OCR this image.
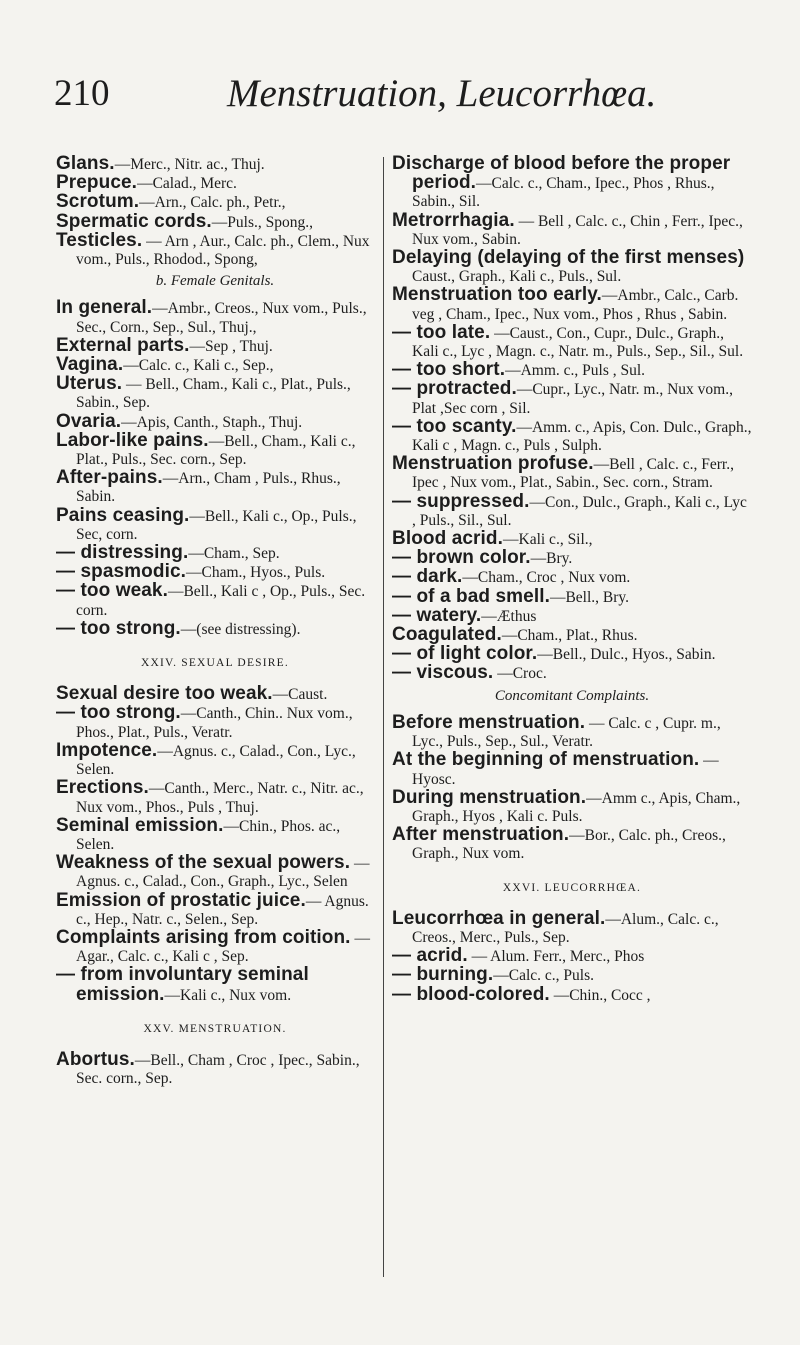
210	Menstruation, Leucorrhœa.

Glans.—Merc., Nitr. ac., Thuj.

Prepuce.—Calad., Merc.

Scrotum.—Arn., Calc. ph., Petr.,

Spermatic cords.—Puls., Spong.,

Testicles. — Arn , Aur., Calc. ph., Clem., Nux vom., Puls., Rhodod., Spong,

b. Female Genitals.

In general.—Ambr., Creos., Nux vom., Puls., Sec., Corn., Sep., Sul., Thuj.,

External parts.—Sep , Thuj.

Vagina.—Calc. c., Kali c., Sep.,

Uterus. — Bell., Cham., Kali c., Plat., Puls., Sabin., Sep.

Ovaria.—Apis, Canth., Staph., Thuj.

Labor-like pains.—Bell., Cham., Kali c., Plat., Puls., Sec. corn., Sep.

After-pains.—Arn., Cham , Puls., Rhus., Sabin.

Pains ceasing.—Bell., Kali c., Op., Puls., Sec, corn.

— distressing.—Cham., Sep.

— spasmodic.—Cham., Hyos., Puls.

— too weak.—Bell., Kali c , Op., Puls., Sec. corn.

— too strong.—(see distressing).

XXIV. SEXUAL DESIRE.

Sexual desire too weak.—Caust.

— too strong.—Canth., Chin.. Nux vom., Phos., Plat., Puls., Veratr.

Impotence.—Agnus. c., Calad., Con., Lyc., Selen.

Erections.—Canth., Merc., Natr. c., Nitr. ac., Nux vom., Phos., Puls , Thuj.

Seminal emission.—Chin., Phos. ac., Selen.

Weakness of the sexual powers. — Agnus. c., Calad., Con., Graph., Lyc., Selen

Emission of prostatic juice.— Agnus. c., Hep., Natr. c., Selen., Sep.

Complaints arising from coition. —Agar., Calc. c., Kali c , Sep.

— from involuntary seminal emission.—Kali c., Nux vom.

XXV. MENSTRUATION.

Abortus.—Bell., Cham , Croc , Ipec., Sabin., Sec. corn., Sep.

Discharge of blood before the proper period.—Calc. c., Cham., Ipec., Phos , Rhus., Sabin., Sil.

Metrorrhagia. — Bell , Calc. c., Chin , Ferr., Ipec., Nux vom., Sabin.

Delaying (delaying of the first menses) Caust., Graph., Kali c., Puls., Sul.

Menstruation too early.—Ambr., Calc., Carb. veg , Cham., Ipec., Nux vom., Phos , Rhus , Sabin.

— too late. —Caust., Con., Cupr., Dulc., Graph., Kali c., Lyc , Magn. c., Natr. m., Puls., Sep., Sil., Sul.

— too short.—Amm. c., Puls , Sul.

— protracted.—Cupr., Lyc., Natr. m., Nux vom., Plat ,Sec corn , Sil.

— too scanty.—Amm. c., Apis, Con. Dulc., Graph., Kali c , Magn. c., Puls , Sulph.

Menstruation profuse.—Bell , Calc. c., Ferr., Ipec , Nux vom., Plat., Sabin., Sec. corn., Stram.

— suppressed.—Con., Dulc., Graph., Kali c., Lyc , Puls., Sil., Sul.

Blood acrid.—Kali c., Sil.,

— brown color.—Bry.

— dark.—Cham., Croc , Nux vom.

— of a bad smell.—Bell., Bry.

— watery.—Æthus

Coagulated.—Cham., Plat., Rhus.

— of light color.—Bell., Dulc., Hyos., Sabin.

— viscous. —Croc.

Concomitant Complaints.

Before menstruation. — Calc. c , Cupr. m., Lyc., Puls., Sep., Sul., Veratr.

At the beginning of menstruation. —Hyosc.

During menstruation.—Amm c., Apis, Cham., Graph., Hyos , Kali c. Puls.

After menstruation.—Bor., Calc. ph., Creos., Graph., Nux vom.

XXVI. LEUCORRHŒA.

Leucorrhœa in general.—Alum., Calc. c., Creos., Merc., Puls., Sep.

— acrid. — Alum. Ferr., Merc., Phos

— burning.—Calc. c., Puls.

— blood-colored. —Chin., Cocc ,
